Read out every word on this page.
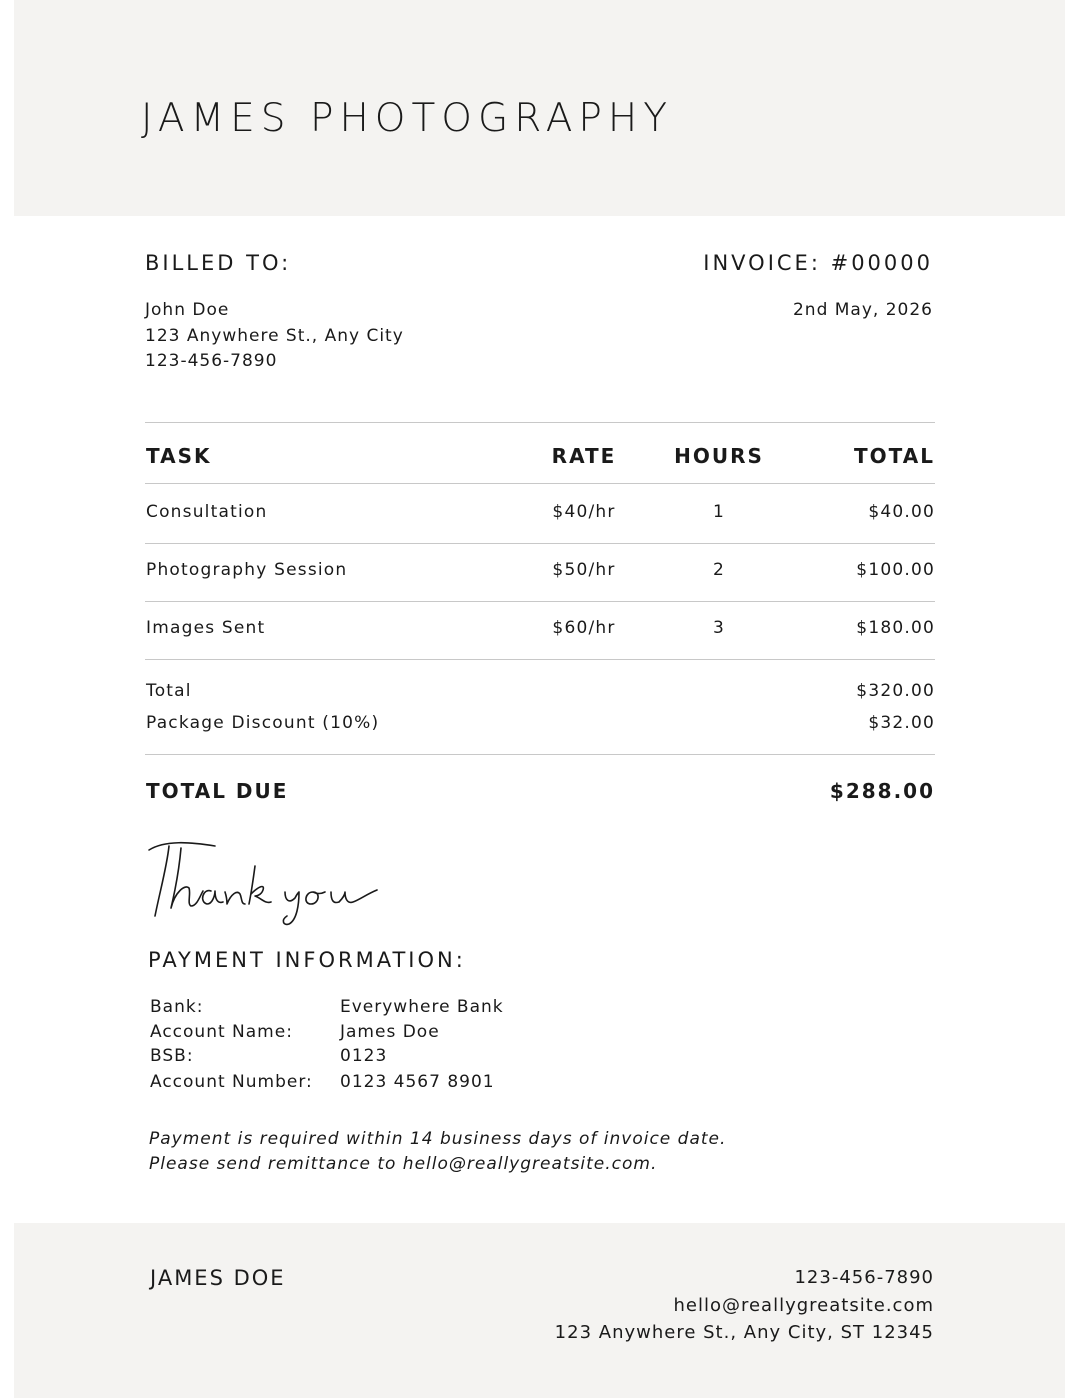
JAMES PHOTOGRAPHY
BILLED TO:	INVOICE: #00000
John Doe
123 Anywhere St., Any City
123-456-7890
2nd May, 2026
TASK	RATE	HOURS	TOTAL
Consultation	$40/hr	1	$40.00
Photography Session	$50/hr	2	$100.00
Images Sent	$60/hr	3	$180.00
Total	$320.00
Package Discount (10%)	$32.00
TOTAL DUE	$288.00
PAYMENT INFORMATION:
Bank:	Everywhere Bank
Account Name:	James Doe
BSB:	0123
Account Number: 0123 4567 8901
Payment is required within 14 business days of invoice date.
Please send remittance to hello@reallygreatsite.com.
JAMES DOE	123-456-7890
hello@reallygreatsite.com
123 Anywhere St., Any City, ST 12345
